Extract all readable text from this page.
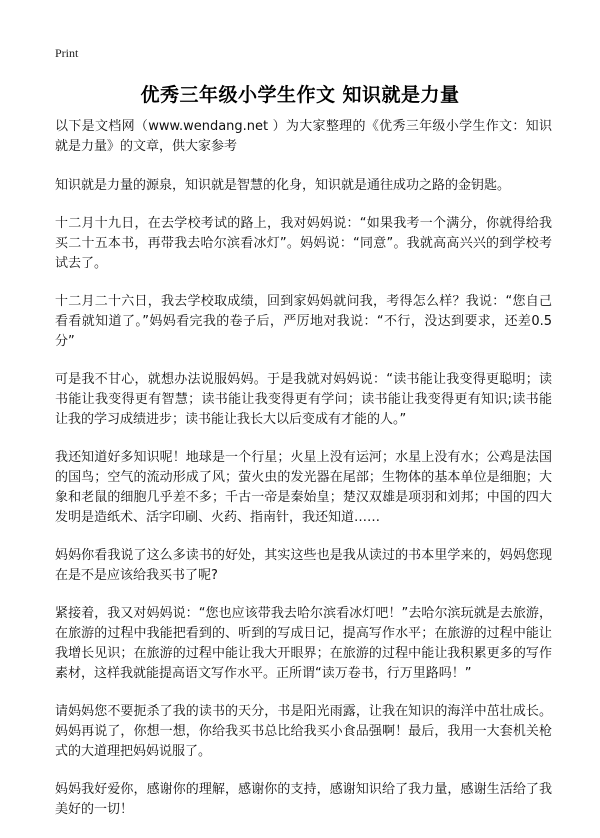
Print
优秀三年级小学生作文 知识就是力量

以下是文档网（www.wendang.net ）为大家整理的《优秀三年级小学生作文：知识就是力量》的文章，供大家参考

知识就是力量的源泉，知识就是智慧的化身，知识就是通往成功之路的金钥匙。

十二月十九日，在去学校考试的路上，我对妈妈说：“如果我考一个满分，你就得给我买二十五本书，再带我去哈尔滨看冰灯”。妈妈说：“同意”。我就高高兴兴的到学校考试去了。

十二月二十六日，我去学校取成绩，回到家妈妈就问我，考得怎么样？我说：“您自己看看就知道了。”妈妈看完我的卷子后，严厉地对我说：“不行，没达到要求，还差0.5分”

可是我不甘心，就想办法说服妈妈。于是我就对妈妈说：“读书能让我变得更聪明；读书能让我变得更有智慧；读书能让我变得更有学问；读书能让我变得更有知识;读书能让我的学习成绩进步；读书能让我长大以后变成有才能的人。”

我还知道好多知识呢！地球是一个行星；火星上没有运河；水星上没有水；公鸡是法国的国鸟；空气的流动形成了风；萤火虫的发光器在尾部；生物体的基本单位是细胞；大象和老鼠的细胞几乎差不多；千古一帝是秦始皇；楚汉双雄是项羽和刘邦；中国的四大发明是造纸术、活字印刷、火药、指南针，我还知道……

妈妈你看我说了这么多读书的好处，其实这些也是我从读过的书本里学来的，妈妈您现在是不是应该给我买书了呢?

紧接着，我又对妈妈说：“您也应该带我去哈尔滨看冰灯吧！”去哈尔滨玩就是去旅游，在旅游的过程中我能把看到的、听到的写成日记，提高写作水平；在旅游的过程中能让我增长见识；在旅游的过程中能让我大开眼界；在旅游的过程中能让我积累更多的写作素材，这样我就能提高语文写作水平。正所谓“读万卷书，行万里路吗！”

请妈妈您不要扼杀了我的读书的天分，书是阳光雨露，让我在知识的海洋中茁壮成长。妈妈再说了，你想一想，你给我买书总比给我买小食品强啊！最后，我用一大套机关枪式的大道理把妈妈说服了。

妈妈我好爱你，感谢你的理解，感谢你的支持，感谢知识给了我力量，感谢生活给了我美好的一切！
